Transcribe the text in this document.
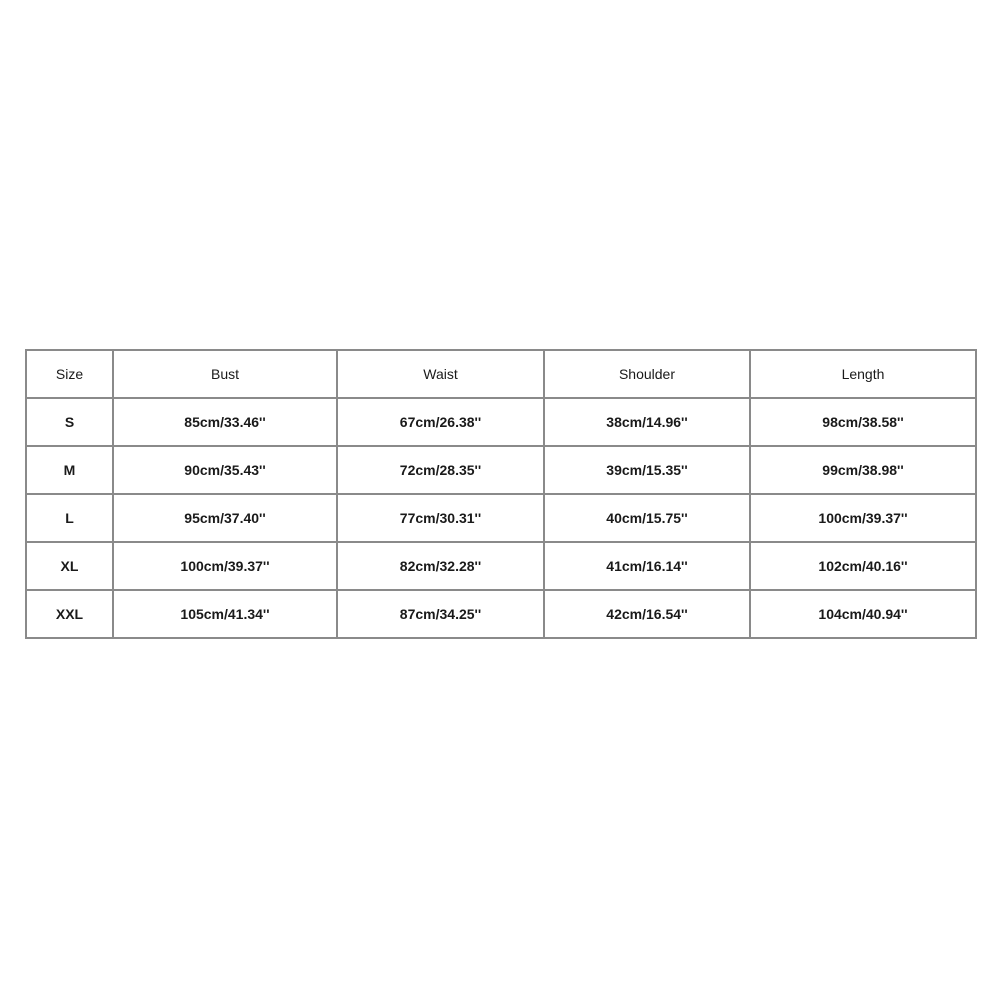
Size	Bust	Waist	Shoulder	Length
S	85cm/33.46''	67cm/26.38''	38cm/14.96''	98cm/38.58''
M	90cm/35.43''	72cm/28.35''	39cm/15.35''	99cm/38.98''
L	95cm/37.40''	77cm/30.31''	40cm/15.75''	100cm/39.37''
XL	100cm/39.37''	82cm/32.28''	41cm/16.14''	102cm/40.16''
XXL	105cm/41.34''	87cm/34.25''	42cm/16.54''	104cm/40.94''
